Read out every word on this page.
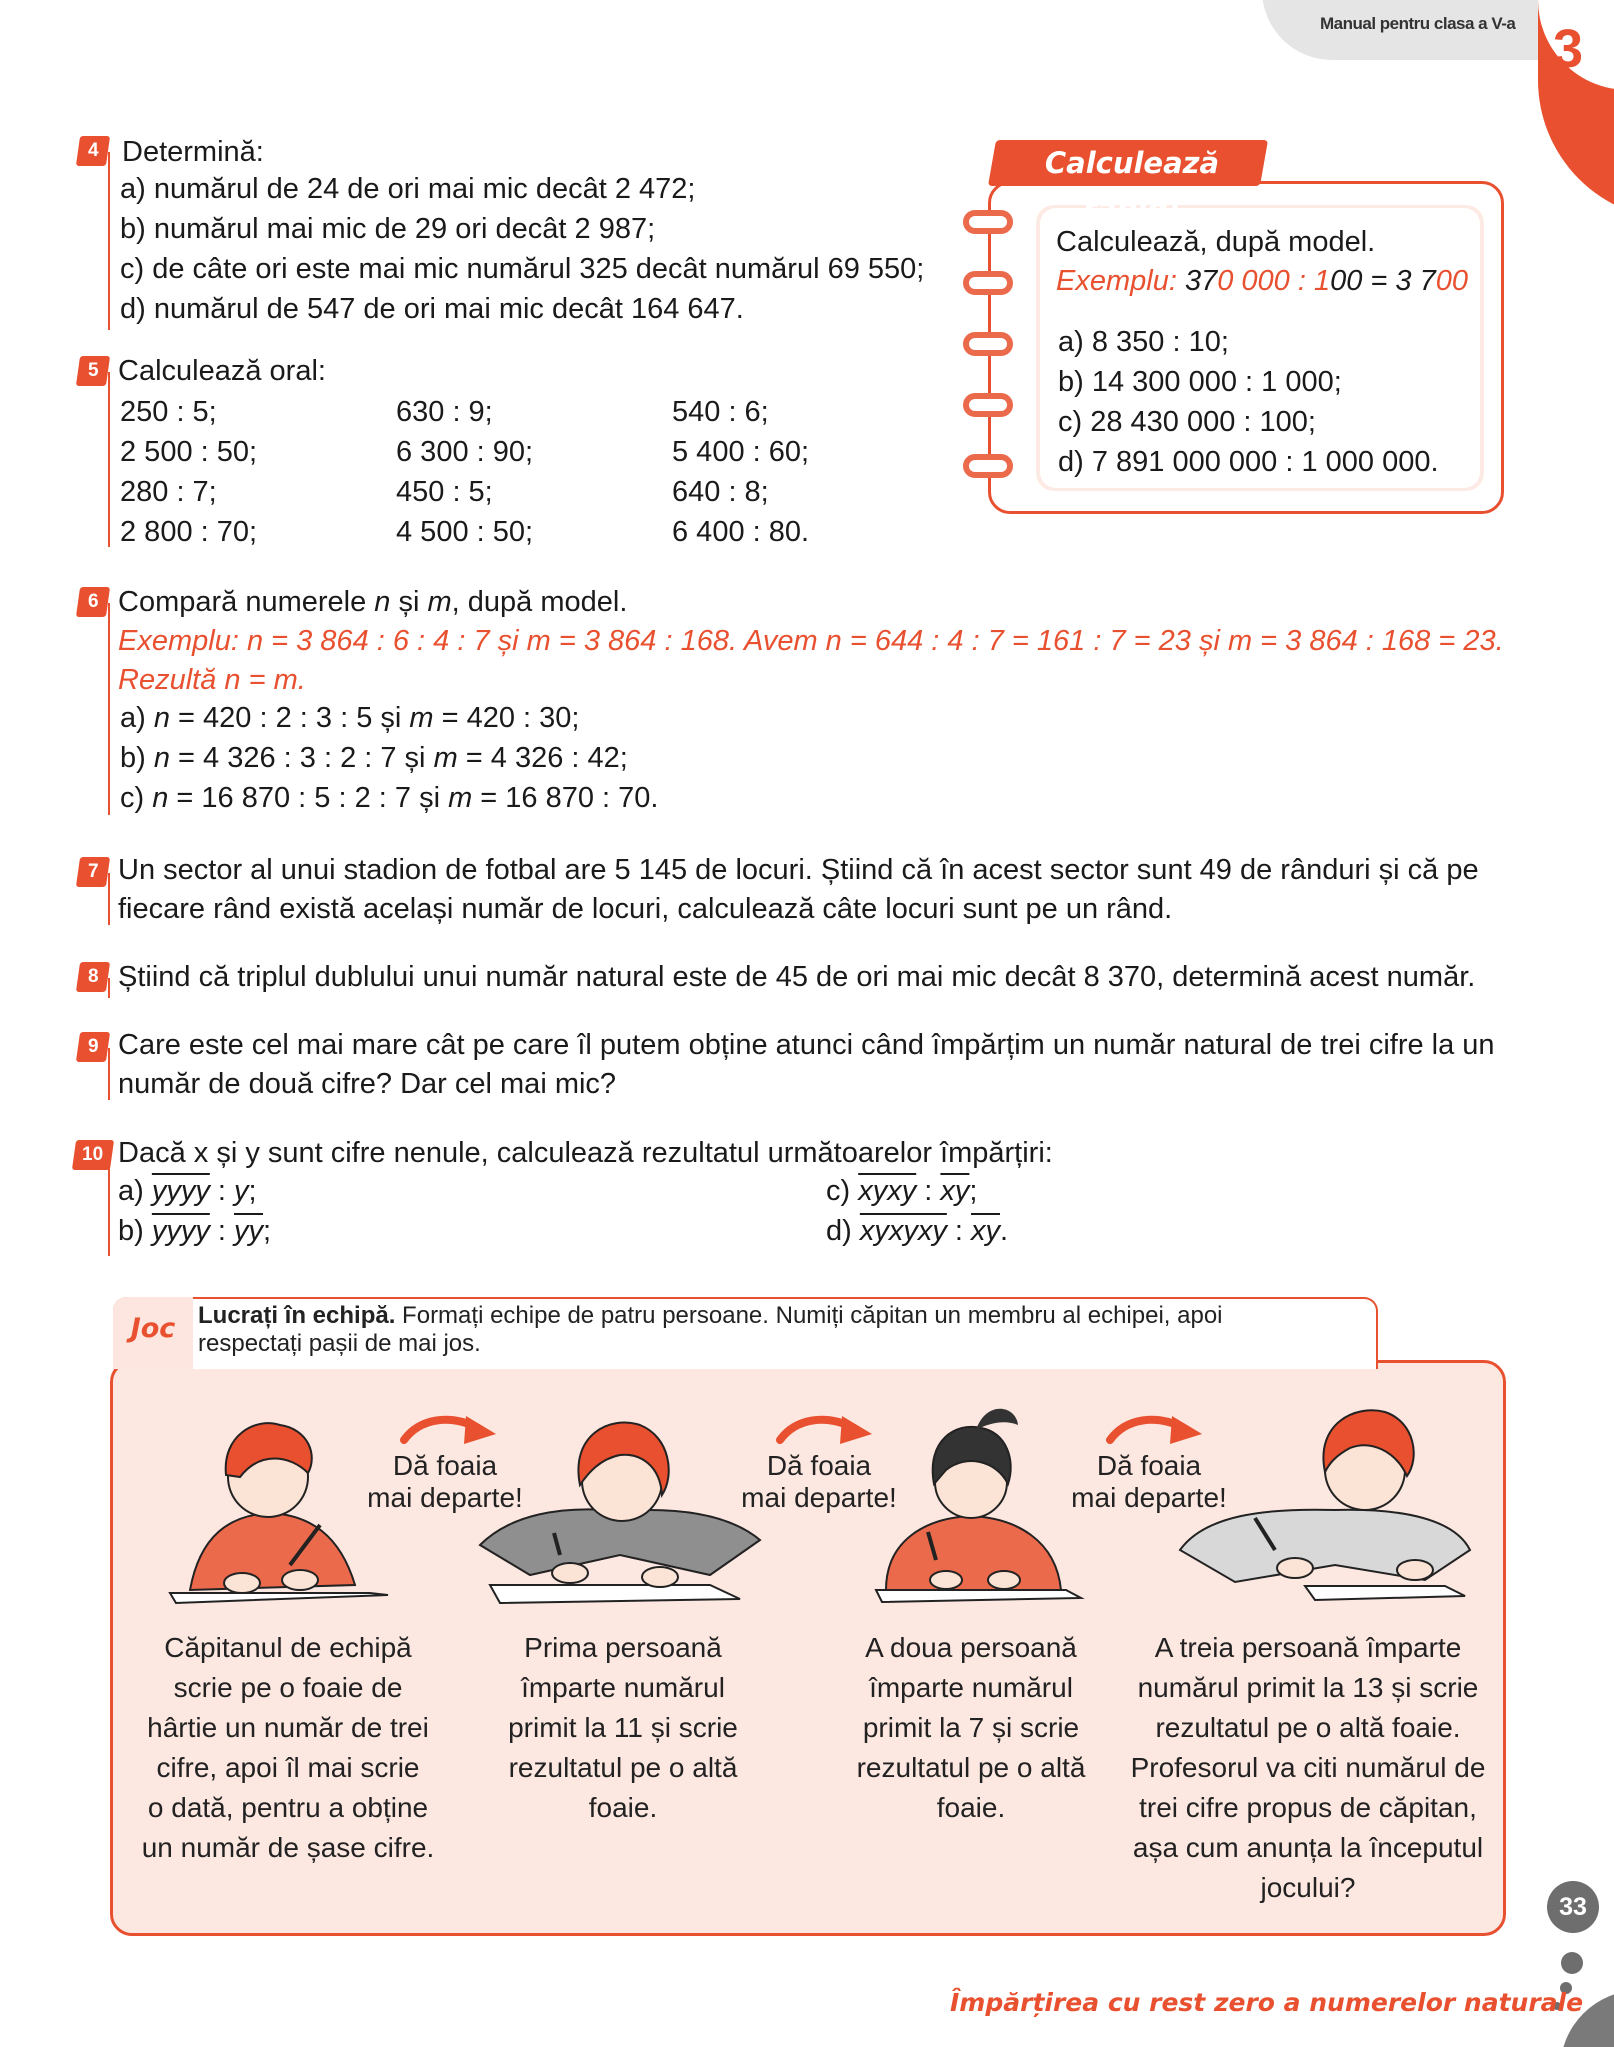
Manual pentru clasa a V-a 3
4 Determină:
a) numărul de 24 de ori mai mic decât 2 472;
b) numărul mai mic de 29 ori decât 2 987;
c) de câte ori este mai mic numărul 325 decât numărul 69 550;
d) numărul de 547 de ori mai mic decât 164 647.
Calculează rapid!
Calculează, după model.
Exemplu: 370 000 : 100 = 3 700
a) 8 350 : 10;
b) 14 300 000 : 1 000;
c) 28 430 000 : 100;
d) 7 891 000 000 : 1 000 000.
5 Calculează oral:
250 : 5;
2 500 : 50;
280 : 7;
2 800 : 70;
630 : 9;
6 300 : 90;
450 : 5;
4 500 : 50;
540 : 6;
5 400 : 60;
640 : 8;
6 400 : 80.
6 Compară numerele n și m, după model.
Exemplu: n = 3 864 : 6 : 4 : 7 și m = 3 864 : 168. Avem n = 644 : 4 : 7 = 161 : 7 = 23 și m = 3 864 : 168 = 23.
Rezultă n = m.
a) n = 420 : 2 : 3 : 5 și m = 420 : 30;
b) n = 4 326 : 3 : 2 : 7 și m = 4 326 : 42;
c) n = 16 870 : 5 : 2 : 7 și m = 16 870 : 70.
7 Un sector al unui stadion de fotbal are 5 145 de locuri. Știind că în acest sector sunt 49 de rânduri și că pe
fiecare rând există același număr de locuri, calculează câte locuri sunt pe un rând.
8 Știind că triplul dublului unui număr natural este de 45 de ori mai mic decât 8 370, determină acest număr.
9 Care este cel mai mare cât pe care îl putem obține atunci când împărțim un număr natural de trei cifre la un
număr de două cifre? Dar cel mai mic?
10 Dacă x și y sunt cifre nenule, calculează rezultatul următoarelor împărțiri:
a) yyyy : y;
b) yyyy : $\overline{yy}$;
c) xyxy : $\overline{xy}$;
d) xyxyxy : $\overline{xy}$.
Joc Lucrați în echipă. Formați echipe de patru persoane. Numiți căpitan un membru al echipei, apoi
respectați pașii de mai jos.
Dă foaia
mai departe!
Dă foaia
mai departe!
Dă foaia
mai departe!
Căpitanul de echipă
scrie pe o foaie de
hârtie un număr de trei
cifre, apoi îl mai scrie
o dată, pentru a obține
un număr de șase cifre.
Prima persoană
împarte numărul
primit la 11 și scrie
rezultatul pe o altă
foaie.
A doua persoană
împarte numărul
primit la 7 și scrie
rezultatul pe o altă
foaie.
A treia persoană împarte
numărul primit la 13 și scrie
rezultatul pe o altă foaie.
Profesorul va citi numărul de
trei cifre propus de căpitan,
așa cum anunța la începutul
jocului?
33
Împărțirea cu rest zero a numerelor naturale
